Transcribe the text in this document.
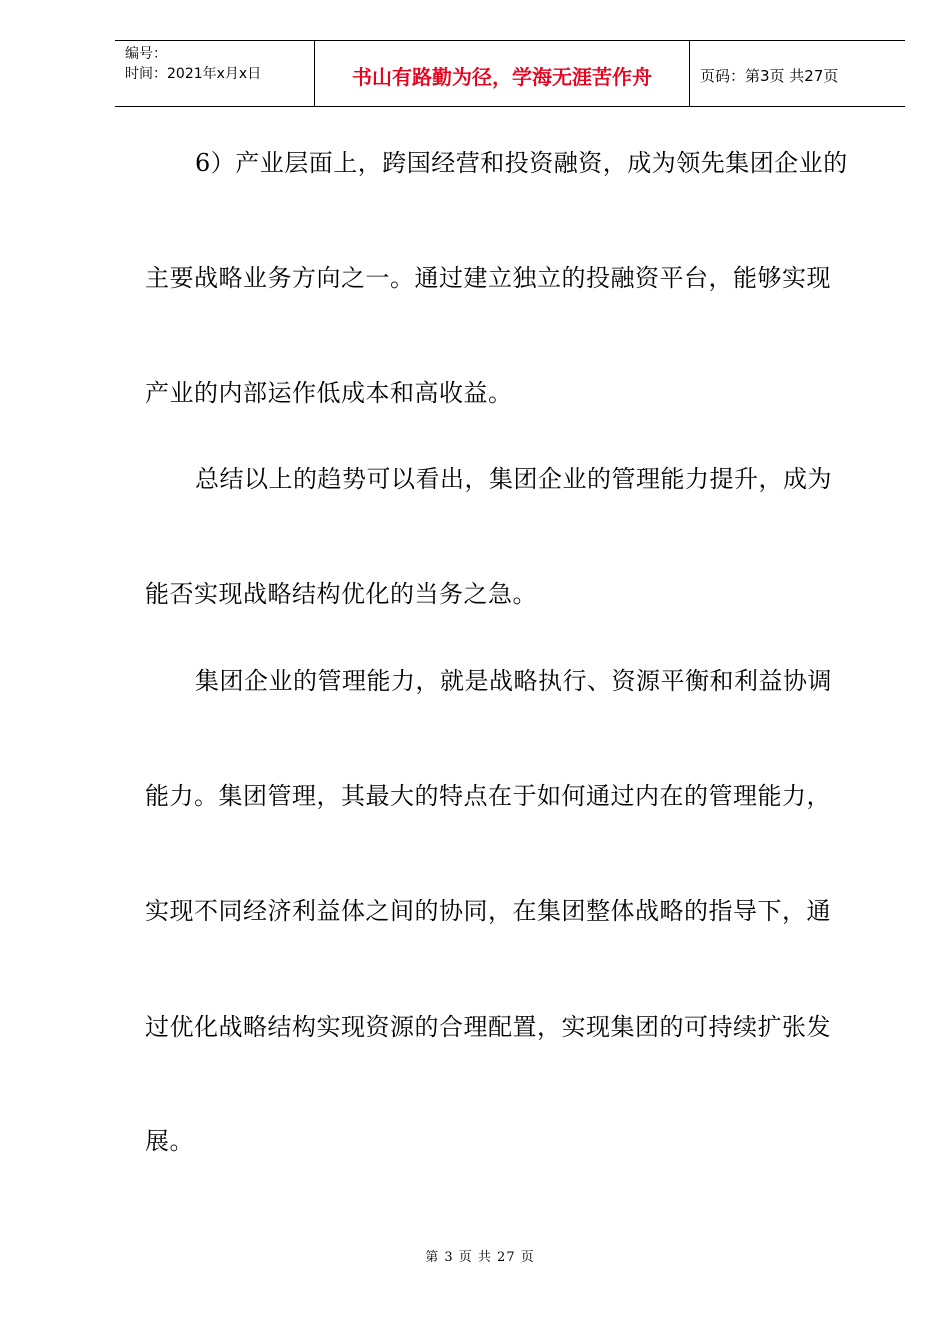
编号：
时间：2021年x月x日	书山有路勤为径，学海无涯苦作舟	页码：第3页 共27页
6）产业层面上，跨国经营和投资融资，成为领先集团企业的
主要战略业务方向之一。通过建立独立的投融资平台，能够实现
产业的内部运作低成本和高收益。
总结以上的趋势可以看出，集团企业的管理能力提升，成为
能否实现战略结构优化的当务之急。
集团企业的管理能力，就是战略执行、资源平衡和利益协调
能力。集团管理，其最大的特点在于如何通过内在的管理能力，
实现不同经济利益体之间的协同，在集团整体战略的指导下，通
过优化战略结构实现资源的合理配置，实现集团的可持续扩张发
展。
第 3 页 共 27 页
